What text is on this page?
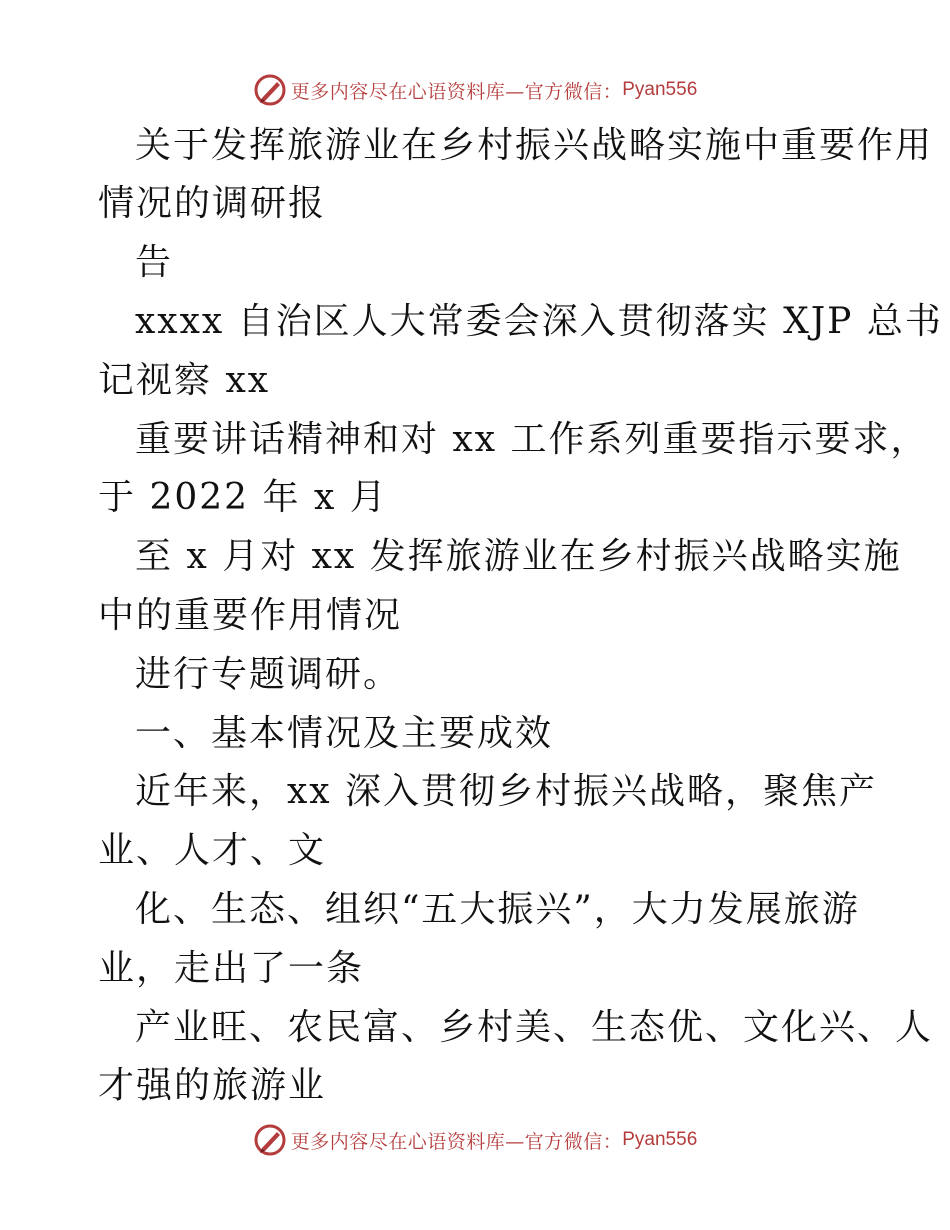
更多内容尽在心语资料库—官方微信： Pyan556
关于发挥旅游业在乡村振兴战略实施中重要作用
情况的调研报
告
xxxx 自治区人大常委会深入贯彻落实 XJP 总书
记视察 xx
重要讲话精神和对 xx 工作系列重要指示要求，
于 2022 年 x 月
至 x 月对 xx 发挥旅游业在乡村振兴战略实施
中的重要作用情况
进行专题调研。
一、基本情况及主要成效
近年来，xx 深入贯彻乡村振兴战略，聚焦产
业、人才、文
化、生态、组织“五大振兴”，大力发展旅游
业，走出了一条
产业旺、农民富、乡村美、生态优、文化兴、人
才强的旅游业
更多内容尽在心语资料库—官方微信： Pyan556
